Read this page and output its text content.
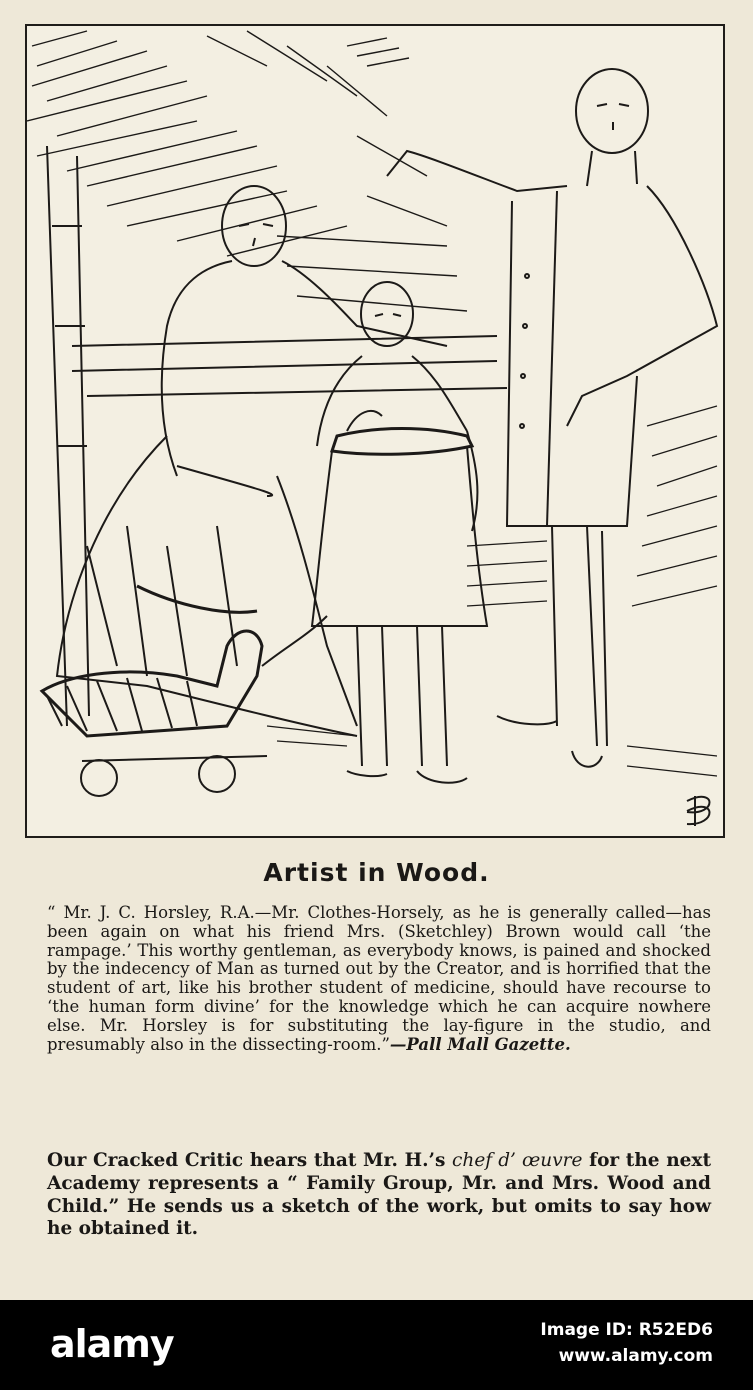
Artist in Wood.
“ Mr. J. C. Horsley, R.A.—Mr. Clothes-Horsely, as he is generally called—has been again on what his friend Mrs. (Sketchley) Brown would call ‘the rampage.’ This worthy gentleman, as everybody knows, is pained and shocked by the indecency of Man as turned out by the Creator, and is horrified that the student of art, like his brother student of medicine, should have recourse to ‘the human form divine’ for the knowledge which he can acquire nowhere else. Mr. Horsley is for substituting the lay-figure in the studio, and presumably also in the dissecting-room.”—Pall Mall Gazette.
Our Cracked Critic hears that Mr. H.’s chef d’ œuvre for the next Academy represents a “ Family Group, Mr. and Mrs. Wood and Child.” He sends us a sketch of the work, but omits to say how he obtained it.
alamy	Image ID: R52ED6
www.alamy.com
